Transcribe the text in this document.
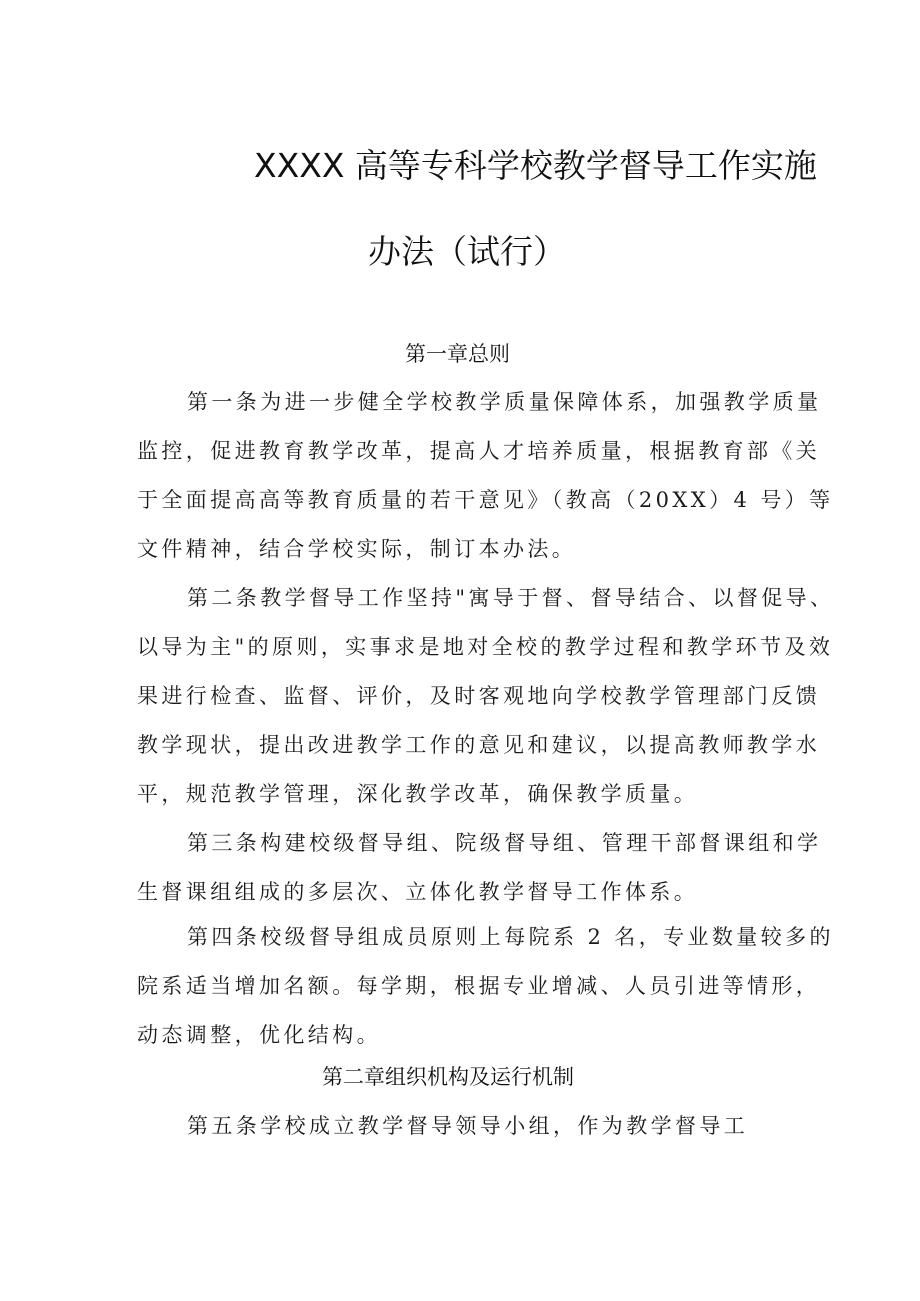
XXXX 高等专科学校教学督导工作实施
办法（试行）
第一章总则
第一条为进一步健全学校教学质量保障体系，加强教学质量
监控，促进教育教学改革，提高人才培养质量，根据教育部《关
于全面提高高等教育质量的若干意见》（教高（20XX）4 号）等
文件精神，结合学校实际，制订本办法。
第二条教学督导工作坚持"寓导于督、督导结合、以督促导、
以导为主"的原则，实事求是地对全校的教学过程和教学环节及效
果进行检查、监督、评价，及时客观地向学校教学管理部门反馈
教学现状，提出改进教学工作的意见和建议，以提高教师教学水
平，规范教学管理，深化教学改革，确保教学质量。
第三条构建校级督导组、院级督导组、管理干部督课组和学
生督课组组成的多层次、立体化教学督导工作体系。
第四条校级督导组成员原则上每院系 2 名，专业数量较多的
院系适当增加名额。每学期，根据专业增减、人员引进等情形，
动态调整，优化结构。
第二章组织机构及运行机制
第五条学校成立教学督导领导小组，作为教学督导工
